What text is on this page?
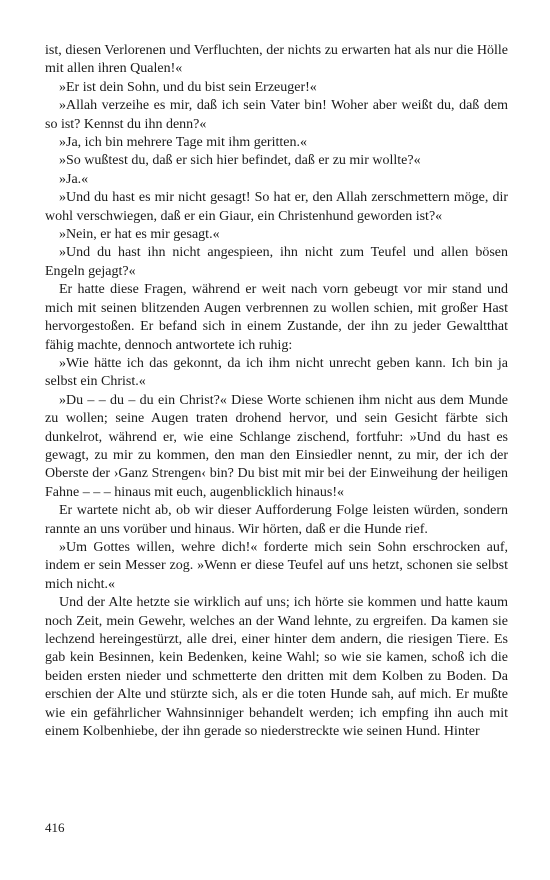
ist, diesen Verlorenen und Verfluchten, der nichts zu erwarten hat als nur die Hölle mit allen ihren Qualen!«

»Er ist dein Sohn, und du bist sein Erzeuger!«

»Allah verzeihe es mir, daß ich sein Vater bin! Woher aber weißt du, daß dem so ist? Kennst du ihn denn?«

»Ja, ich bin mehrere Tage mit ihm geritten.«

»So wußtest du, daß er sich hier befindet, daß er zu mir wollte?«

»Ja.«

»Und du hast es mir nicht gesagt! So hat er, den Allah zerschmettern möge, dir wohl verschwiegen, daß er ein Giaur, ein Christenhund geworden ist?«

»Nein, er hat es mir gesagt.«

»Und du hast ihn nicht angespieen, ihn nicht zum Teufel und allen bösen Engeln gejagt?«

Er hatte diese Fragen, während er weit nach vorn gebeugt vor mir stand und mich mit seinen blitzenden Augen verbrennen zu wollen schien, mit großer Hast hervorgestoßen. Er befand sich in einem Zustande, der ihn zu jeder Gewaltthat fähig machte, dennoch antwortete ich ruhig:

»Wie hätte ich das gekonnt, da ich ihm nicht unrecht geben kann. Ich bin ja selbst ein Christ.«

»Du – – du – du ein Christ?« Diese Worte schienen ihm nicht aus dem Munde zu wollen; seine Augen traten drohend hervor, und sein Gesicht färbte sich dunkelrot, während er, wie eine Schlange zischend, fortfuhr: »Und du hast es gewagt, zu mir zu kommen, den man den Einsiedler nennt, zu mir, der ich der Oberste der ›Ganz Strengen‹ bin? Du bist mit mir bei der Einweihung der heiligen Fahne – – – hinaus mit euch, augenblicklich hinaus!«

Er wartete nicht ab, ob wir dieser Aufforderung Folge leisten würden, sondern rannte an uns vorüber und hinaus. Wir hörten, daß er die Hunde rief.

»Um Gottes willen, wehre dich!« forderte mich sein Sohn erschrocken auf, indem er sein Messer zog. »Wenn er diese Teufel auf uns hetzt, schonen sie selbst mich nicht.«

Und der Alte hetzte sie wirklich auf uns; ich hörte sie kommen und hatte kaum noch Zeit, mein Gewehr, welches an der Wand lehnte, zu ergreifen. Da kamen sie lechzend hereingestürzt, alle drei, einer hinter dem andern, die riesigen Tiere. Es gab kein Besinnen, kein Bedenken, keine Wahl; so wie sie kamen, schoß ich die beiden ersten nieder und schmetterte den dritten mit dem Kolben zu Boden. Da erschien der Alte und stürzte sich, als er die toten Hunde sah, auf mich. Er mußte wie ein gefährlicher Wahnsinniger behandelt werden; ich empfing ihn auch mit einem Kolbenhiebe, der ihn gerade so niederstreckte wie seinen Hund. Hinter

416
